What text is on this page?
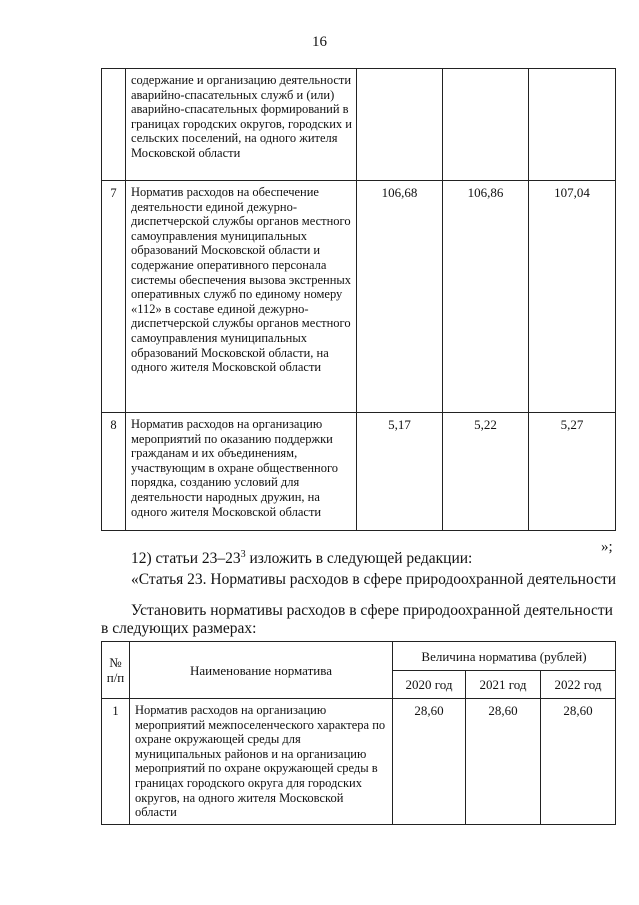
16
	содержание и организацию деятельности аварийно-спасательных служб и (или) аварийно-спасательных формирований в границах городских округов, городских и сельских поселений, на одного жителя Московской области			
7	Норматив расходов на обеспечение деятельности единой дежурно-диспетчерской службы органов местного самоуправления муниципальных образований Московской области и содержание оперативного персонала системы обеспечения вызова экстренных оперативных служб по единому номеру «112» в составе единой дежурно-диспетчерской службы органов местного самоуправления муниципальных образований Московской области, на одного жителя Московской области	106,68	106,86	107,04
8	Норматив расходов на организацию мероприятий по оказанию поддержки гражданам и их объединениям, участвующим в охране общественного порядка, созданию условий для деятельности народных дружин, на одного жителя Московской области	5,17	5,22	5,27
»;
12) статьи $23-23^3$ изложить в следующей редакции:
«Статья 23. Нормативы расходов в сфере природоохранной деятельности
Установить нормативы расходов в сфере природоохранной деятельности
в следующих размерах:
№ п/п	Наименование норматива	Величина норматива (рублей)		
		2020 год	2021 год	2022 год
1	Норматив расходов на организацию мероприятий межпоселенческого характера по охране окружающей среды для муниципальных районов и на организацию мероприятий по охране окружающей среды в границах городского округа для городских округов, на одного жителя Московской области	28,60	28,60	28,60
